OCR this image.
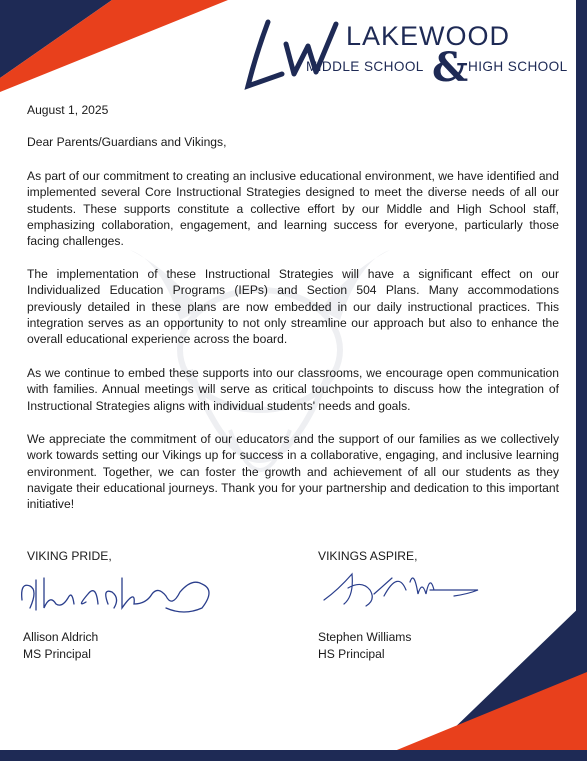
LAKEWOOD
MIDDLE SCHOOL & HIGH SCHOOL
August 1, 2025
Dear Parents/Guardians and Vikings,
As part of our commitment to creating an inclusive educational environment, we have identified and implemented several Core Instructional Strategies designed to meet the diverse needs of all our students. These supports constitute a collective effort by our Middle and High School staff, emphasizing collaboration, engagement, and learning success for everyone, particularly those facing challenges.
The implementation of these Instructional Strategies will have a significant effect on our Individualized Education Programs (IEPs) and Section 504 Plans. Many accommodations previously detailed in these plans are now embedded in our daily instructional practices. This integration serves as an opportunity to not only streamline our approach but also to enhance the overall educational experience across the board.
As we continue to embed these supports into our classrooms, we encourage open communication with families. Annual meetings will serve as critical touchpoints to discuss how the integration of Instructional Strategies aligns with individual students' needs and goals.
We appreciate the commitment of our educators and the support of our families as we collectively work towards setting our Vikings up for success in a collaborative, engaging, and inclusive learning environment. Together, we can foster the growth and achievement of all our students as they navigate their educational journeys. Thank you for your partnership and dedication to this important initiative!
VIKING PRIDE,	VIKINGS ASPIRE,
Allison Aldrich
MS Principal
Stephen Williams
HS Principal
